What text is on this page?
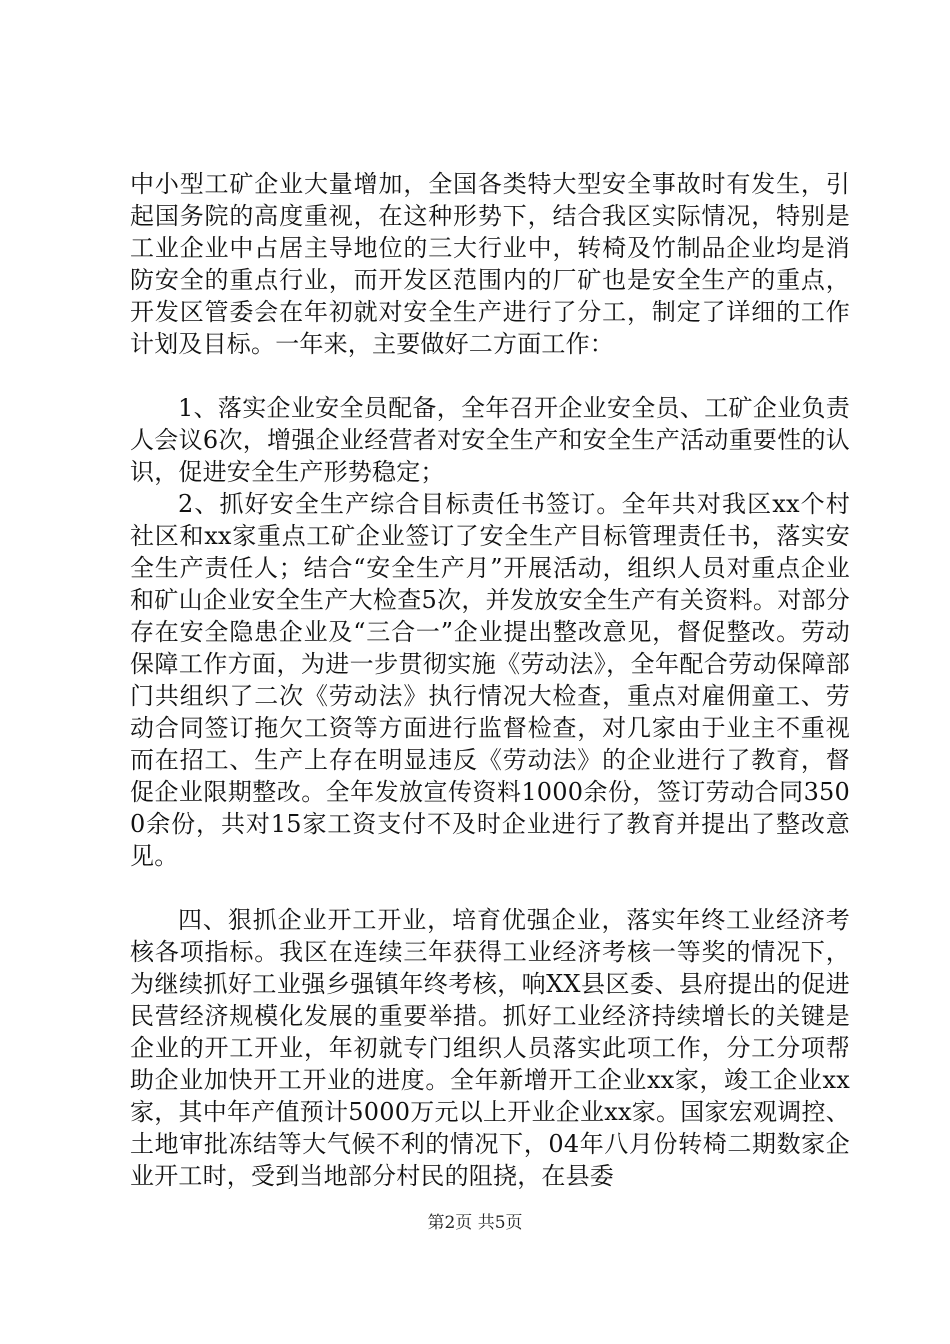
中小型工矿企业大量增加，全国各类特大型安全事故时有发生，引起国务院的高度重视，在这种形势下，结合我区实际情况，特别是工业企业中占居主导地位的三大行业中，转椅及竹制品企业均是消防安全的重点行业，而开发区范围内的厂矿也是安全生产的重点，开发区管委会在年初就对安全生产进行了分工，制定了详细的工作计划及目标。一年来，主要做好二方面工作：

1、落实企业安全员配备，全年召开企业安全员、工矿企业负责人会议6次，增强企业经营者对安全生产和安全生产活动重要性的认识，促进安全生产形势稳定；

2、抓好安全生产综合目标责任书签订。全年共对我区xx个村社区和xx家重点工矿企业签订了安全生产目标管理责任书，落实安全生产责任人；结合“安全生产月”开展活动，组织人员对重点企业和矿山企业安全生产大检查5次，并发放安全生产有关资料。对部分存在安全隐患企业及“三合一”企业提出整改意见，督促整改。劳动保障工作方面，为进一步贯彻实施《劳动法》，全年配合劳动保障部门共组织了二次《劳动法》执行情况大检查，重点对雇佣童工、劳动合同签订拖欠工资等方面进行监督检查，对几家由于业主不重视而在招工、生产上存在明显违反《劳动法》的企业进行了教育，督促企业限期整改。全年发放宣传资料1000余份，签订劳动合同3500余份，共对15家工资支付不及时企业进行了教育并提出了整改意见。

四、狠抓企业开工开业，培育优强企业，落实年终工业经济考核各项指标。我区在连续三年获得工业经济考核一等奖的情况下，为继续抓好工业强乡强镇年终考核，响XX县区委、县府提出的促进民营经济规模化发展的重要举措。抓好工业经济持续增长的关键是企业的开工开业，年初就专门组织人员落实此项工作，分工分项帮助企业加快开工开业的进度。全年新增开工企业xx家，竣工企业xx家，其中年产值预计5000万元以上开业企业xx家。国家宏观调控、土地审批冻结等大气候不利的情况下，04年八月份转椅二期数家企业开工时，受到当地部分村民的阻挠，在县委

第2页 共5页
